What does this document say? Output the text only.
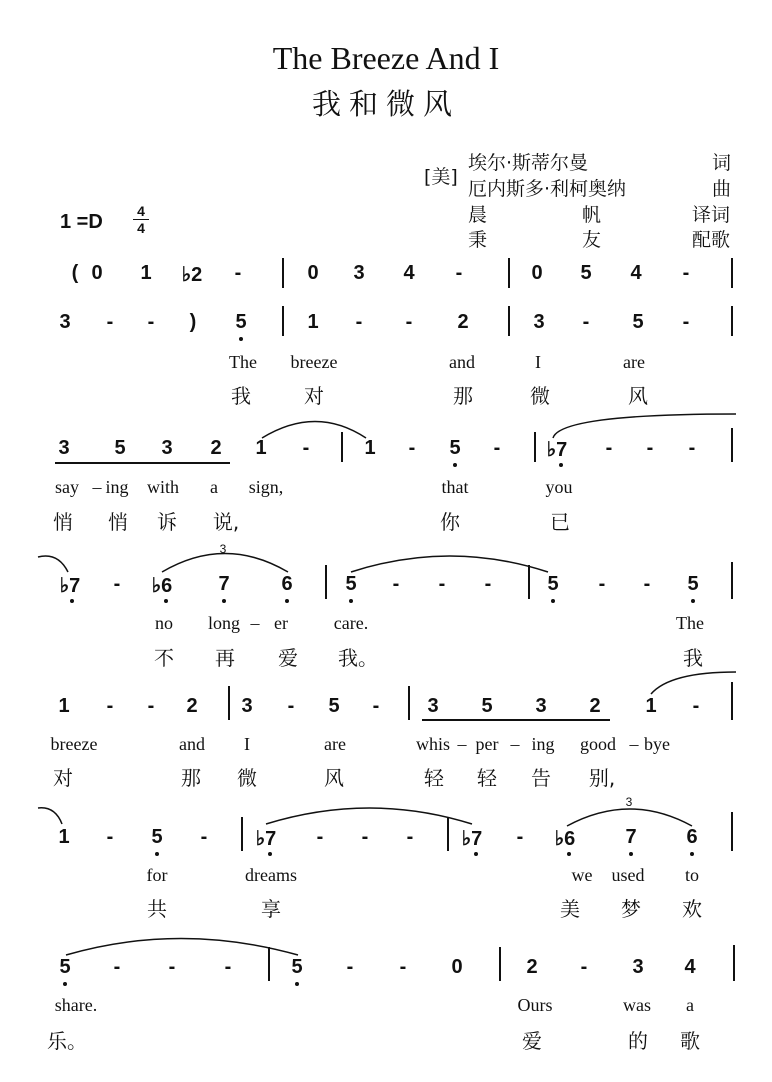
The Breeze And I
我和微风
[美]
埃尔·斯蒂尔曼	词
厄内斯多·利柯奥纳	曲
晨　　　　　帆	译词
秉　　　　　友	配歌
1 =D 4
4
( 0 1 ♭2 -	0 3 4 -	0 5 4 -
3 - - ) 5	1 - - 2	3 - 5 -
The breeze	and	I	are
我	对	那	微	风
3 5 3 2 1 -	1 - 5 - ♭7 - - -
say – ing with a sign,	that	you
悄 悄 诉 说,	你	已
♭7 - ♭6 7	6	5 - - -	5 - - 5
3
no long – er	care.	The
不 再 爱 我。	我
1 - - 2 3 - 5 - 3 5 3 2 1 -
breeze	and I	are	whis – per – ing good – bye
对	那 微	风	轻 轻 告 别,
1 - 5 - ♭7 - - - ♭7 - ♭6	7 6
3
for	dreams	we used to
共	享	美 梦 欢
5 - - -	5 - - 0	2 - 3 4
share.	Ours	was a
乐。	爱	的 歌
